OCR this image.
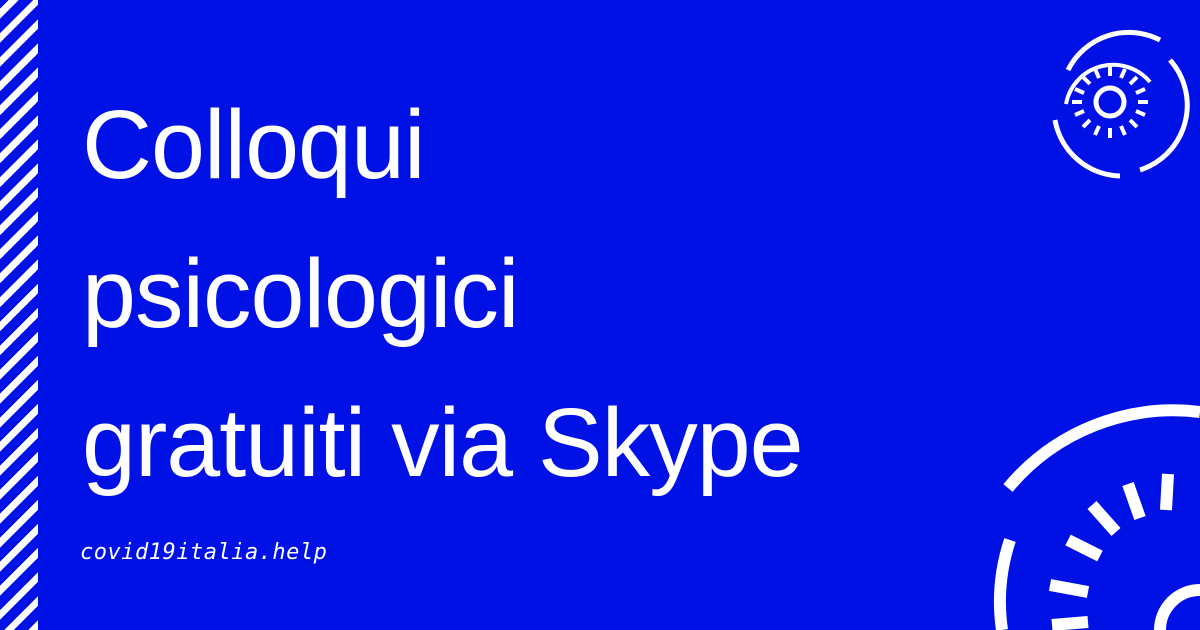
Colloqui
psicologici
gratuiti via Skype
covid19italia.help
